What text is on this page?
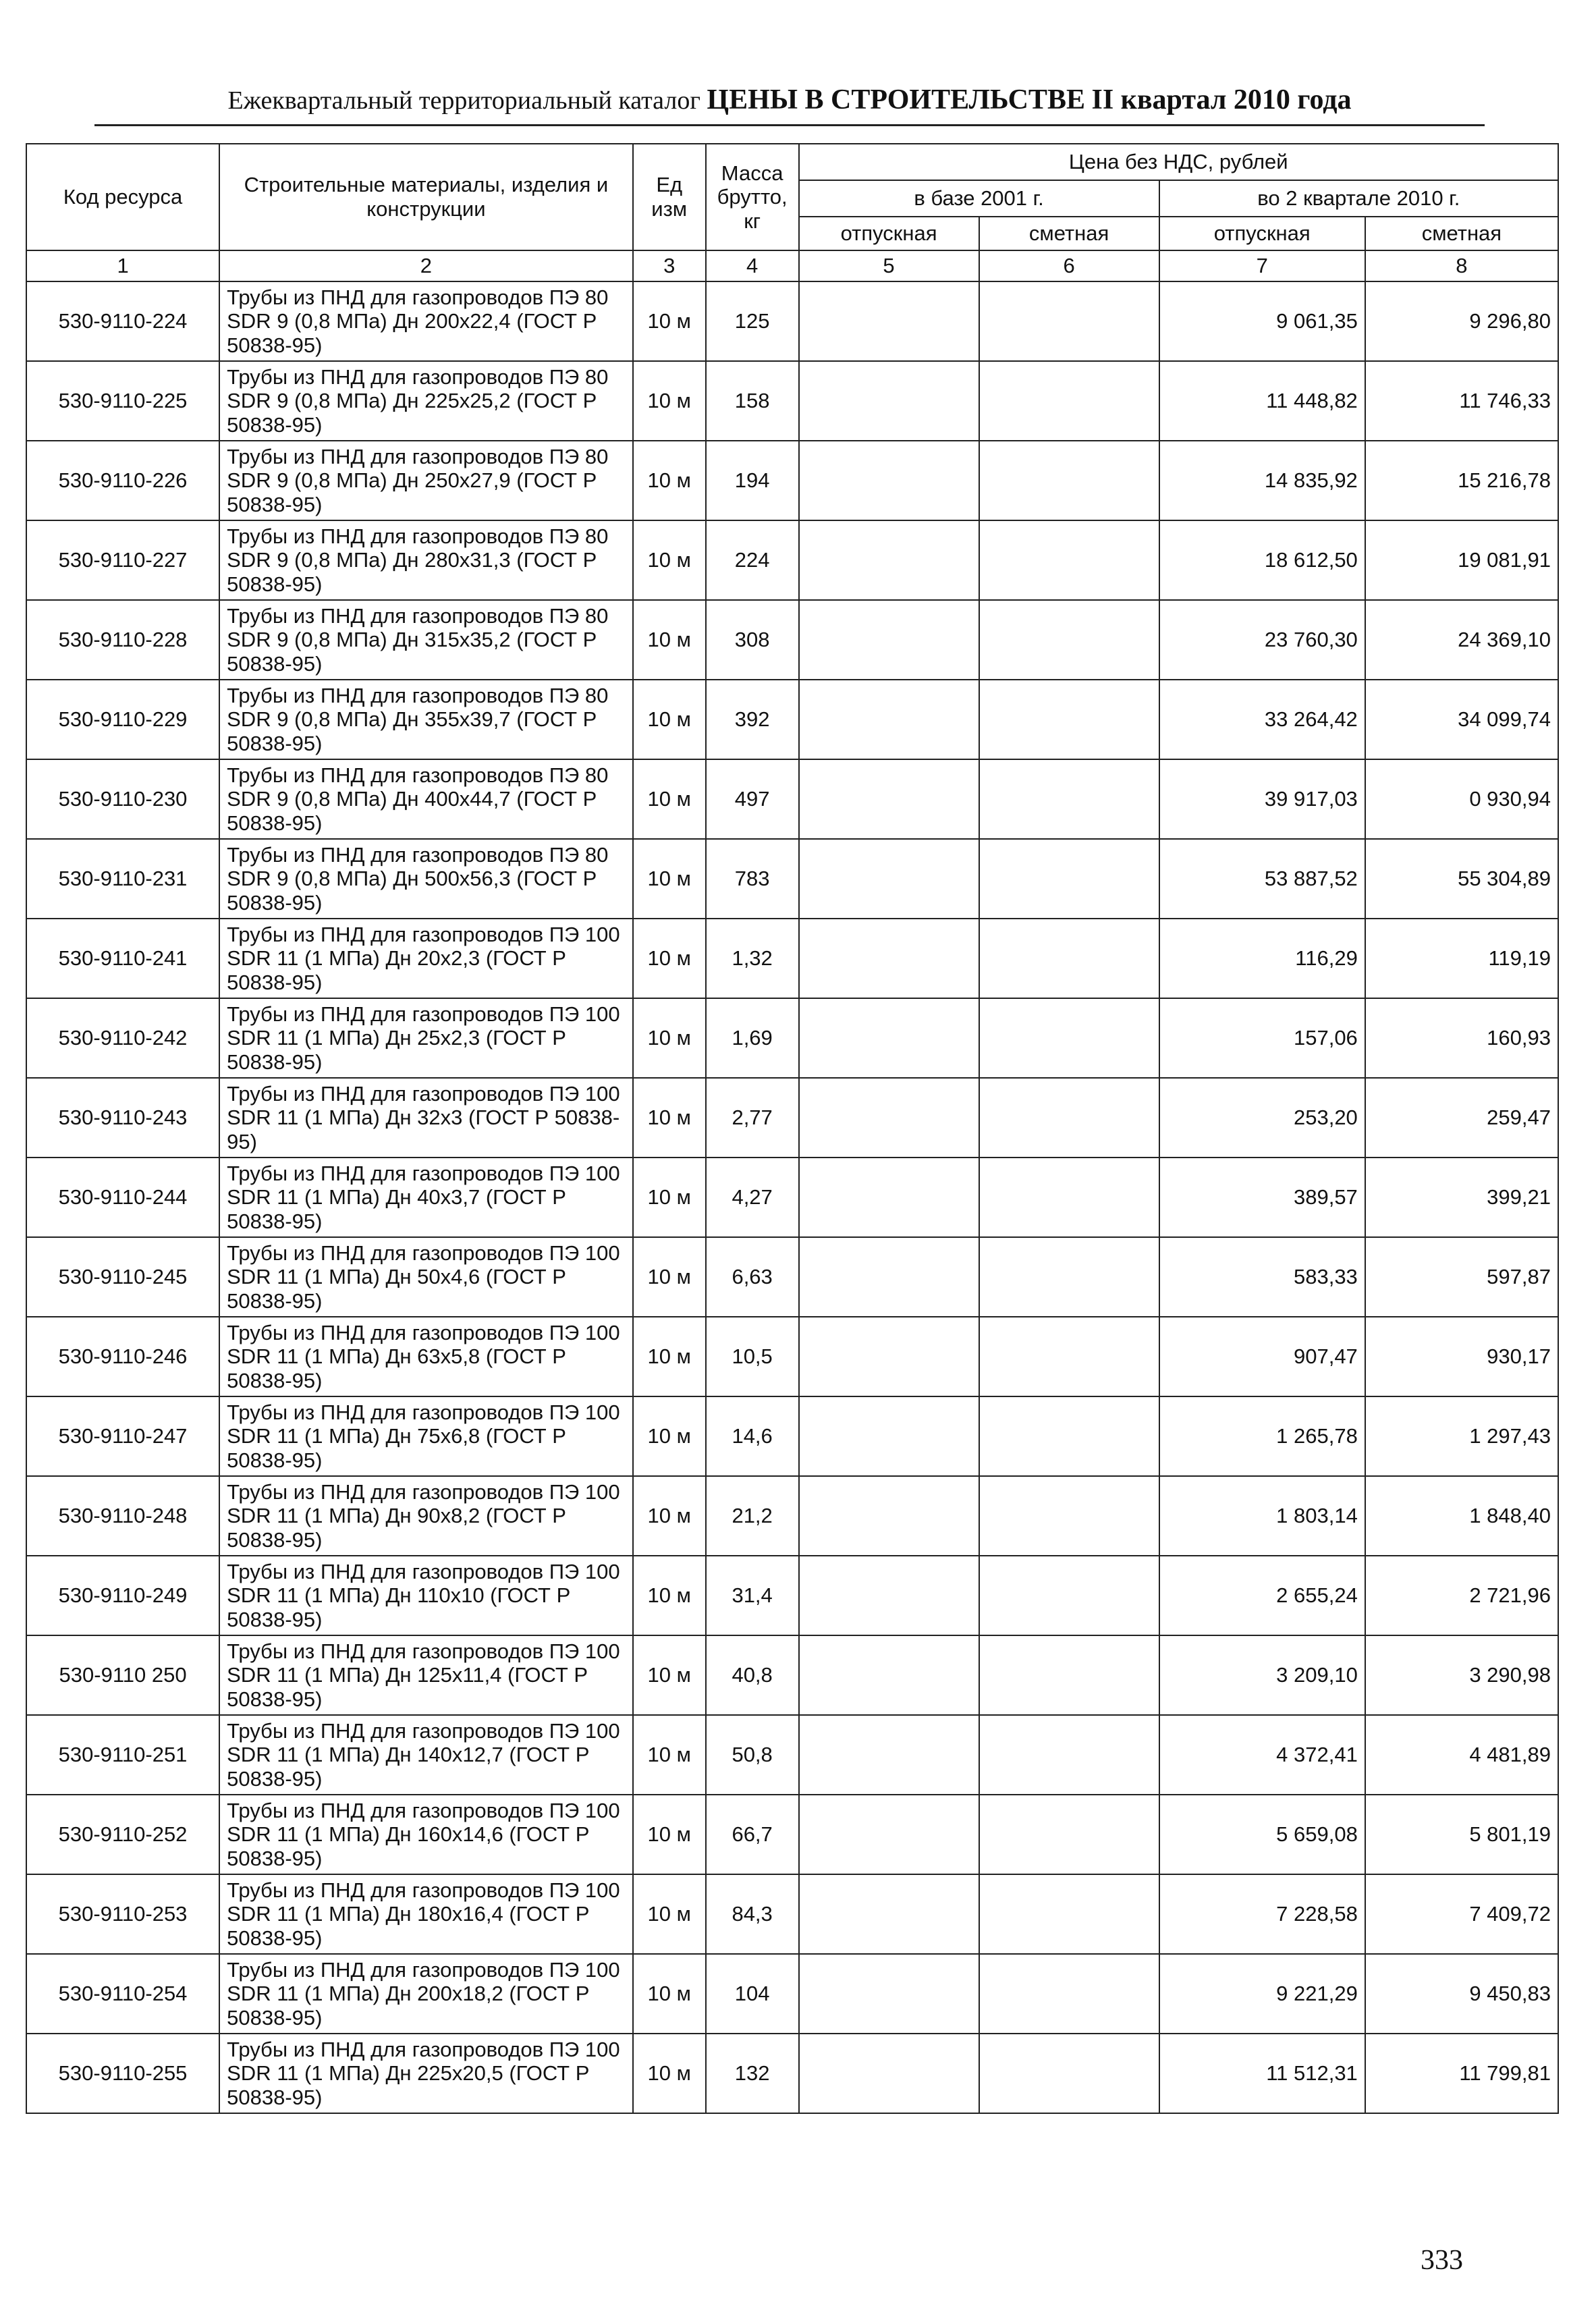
Ежеквартальный территориальный каталог ЦЕНЫ В СТРОИТЕЛЬСТВЕ II квартал 2010 года
Код ресурса	Строительные материалы, изделия и конструкции	Ед изм	Масса брутто, кг	Цена без НДС, рублей			
				в базе 2001 г.		во 2 квартале 2010 г.	
				отпускная	сметная	отпускная	сметная
1	2	3	4	5	6	7	8
530-9110-224	Трубы из ПНД для газопроводов ПЭ 80 SDR 9 (0,8 МПа) Дн 200x22,4 (ГОСТ Р 50838-95)	10 м	125			9 061,35	9 296,80
530-9110-225	Трубы из ПНД для газопроводов ПЭ 80 SDR 9 (0,8 МПа) Дн 225x25,2 (ГОСТ Р 50838-95)	10 м	158			11 448,82	11 746,33
530-9110-226	Трубы из ПНД для газопроводов ПЭ 80 SDR 9 (0,8 МПа) Дн 250x27,9 (ГОСТ Р 50838-95)	10 м	194			14 835,92	15 216,78
530-9110-227	Трубы из ПНД для газопроводов ПЭ 80 SDR 9 (0,8 МПа) Дн 280x31,3 (ГОСТ Р 50838-95)	10 м	224			18 612,50	19 081,91
530-9110-228	Трубы из ПНД для газопроводов ПЭ 80 SDR 9 (0,8 МПа) Дн 315x35,2 (ГОСТ Р 50838-95)	10 м	308			23 760,30	24 369,10
530-9110-229	Трубы из ПНД для газопроводов ПЭ 80 SDR 9 (0,8 МПа) Дн 355x39,7 (ГОСТ Р 50838-95)	10 м	392			33 264,42	34 099,74
530-9110-230	Трубы из ПНД для газопроводов ПЭ 80 SDR 9 (0,8 МПа) Дн 400x44,7 (ГОСТ Р 50838-95)	10 м	497			39 917,03	0 930,94
530-9110-231	Трубы из ПНД для газопроводов ПЭ 80 SDR 9 (0,8 МПа) Дн 500x56,3 (ГОСТ Р 50838-95)	10 м	783			53 887,52	55 304,89
530-9110-241	Трубы из ПНД для газопроводов ПЭ 100 SDR 11 (1 МПа) Дн 20x2,3 (ГОСТ Р 50838-95)	10 м	1,32			116,29	119,19
530-9110-242	Трубы из ПНД для газопроводов ПЭ 100 SDR 11 (1 МПа) Дн 25x2,3 (ГОСТ Р 50838-95)	10 м	1,69			157,06	160,93
530-9110-243	Трубы из ПНД для газопроводов ПЭ 100 SDR 11 (1 МПа) Дн 32x3 (ГОСТ Р 50838-95)	10 м	2,77			253,20	259,47
530-9110-244	Трубы из ПНД для газопроводов ПЭ 100 SDR 11 (1 МПа) Дн 40x3,7 (ГОСТ Р 50838-95)	10 м	4,27			389,57	399,21
530-9110-245	Трубы из ПНД для газопроводов ПЭ 100 SDR 11 (1 МПа) Дн 50x4,6 (ГОСТ Р 50838-95)	10 м	6,63			583,33	597,87
530-9110-246	Трубы из ПНД для газопроводов ПЭ 100 SDR 11 (1 МПа) Дн 63x5,8 (ГОСТ Р 50838-95)	10 м	10,5			907,47	930,17
530-9110-247	Трубы из ПНД для газопроводов ПЭ 100 SDR 11 (1 МПа) Дн 75x6,8 (ГОСТ Р 50838-95)	10 м	14,6			1 265,78	1 297,43
530-9110-248	Трубы из ПНД для газопроводов ПЭ 100 SDR 11 (1 МПа) Дн 90x8,2 (ГОСТ Р 50838-95)	10 м	21,2			1 803,14	1 848,40
530-9110-249	Трубы из ПНД для газопроводов ПЭ 100 SDR 11 (1 МПа) Дн 110x10 (ГОСТ Р 50838-95)	10 м	31,4			2 655,24	2 721,96
530-9110 250	Трубы из ПНД для газопроводов ПЭ 100 SDR 11 (1 МПа) Дн 125x11,4 (ГОСТ Р 50838-95)	10 м	40,8			3 209,10	3 290,98
530-9110-251	Трубы из ПНД для газопроводов ПЭ 100 SDR 11 (1 МПа) Дн 140x12,7 (ГОСТ Р 50838-95)	10 м	50,8			4 372,41	4 481,89
530-9110-252	Трубы из ПНД для газопроводов ПЭ 100 SDR 11 (1 МПа) Дн 160x14,6 (ГОСТ Р 50838-95)	10 м	66,7			5 659,08	5 801,19
530-9110-253	Трубы из ПНД для газопроводов ПЭ 100 SDR 11 (1 МПа) Дн 180x16,4 (ГОСТ Р 50838-95)	10 м	84,3			7 228,58	7 409,72
530-9110-254	Трубы из ПНД для газопроводов ПЭ 100 SDR 11 (1 МПа) Дн 200x18,2 (ГОСТ Р 50838-95)	10 м	104			9 221,29	9 450,83
530-9110-255	Трубы из ПНД для газопроводов ПЭ 100 SDR 11 (1 МПа) Дн 225x20,5 (ГОСТ Р 50838-95)	10 м	132			11 512,31	11 799,81
333
